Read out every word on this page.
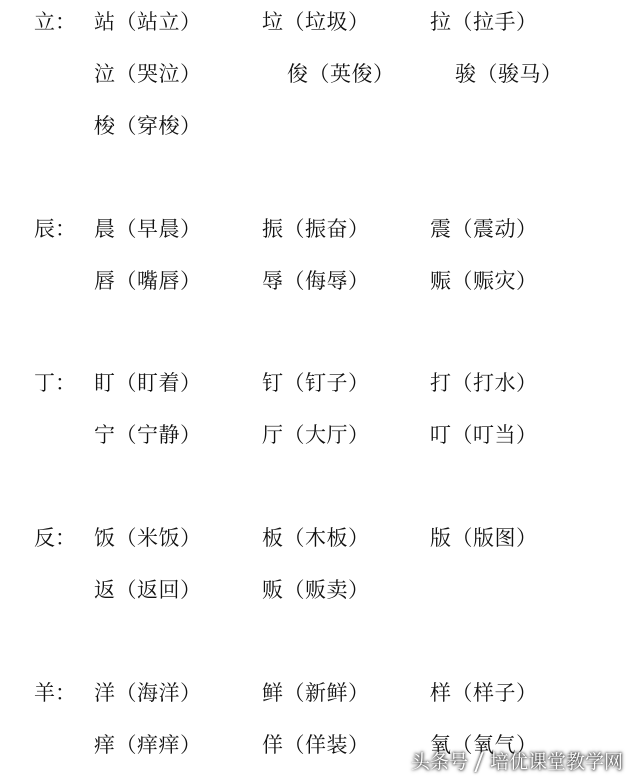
立： 站（站立）	垃（垃圾）	拉（拉手）
泣（哭泣）	俊（英俊）	骏（骏马）
梭（穿梭）
辰： 晨（早晨）	振（振奋）	震（震动）
唇（嘴唇）	辱（侮辱）	赈（赈灾）
丁： 盯（盯着）	钉（钉子）	打（打水）
宁（宁静）	厅（大厅）	叮（叮当）
反： 饭（米饭）	板（木板）	版（版图）
返（返回）	贩（贩卖）
羊： 洋（海洋）	鲜（新鲜）	样（样子）
痒（痒痒）	佯（佯装）	氧（氧气）
头条号 培优课堂教学网
